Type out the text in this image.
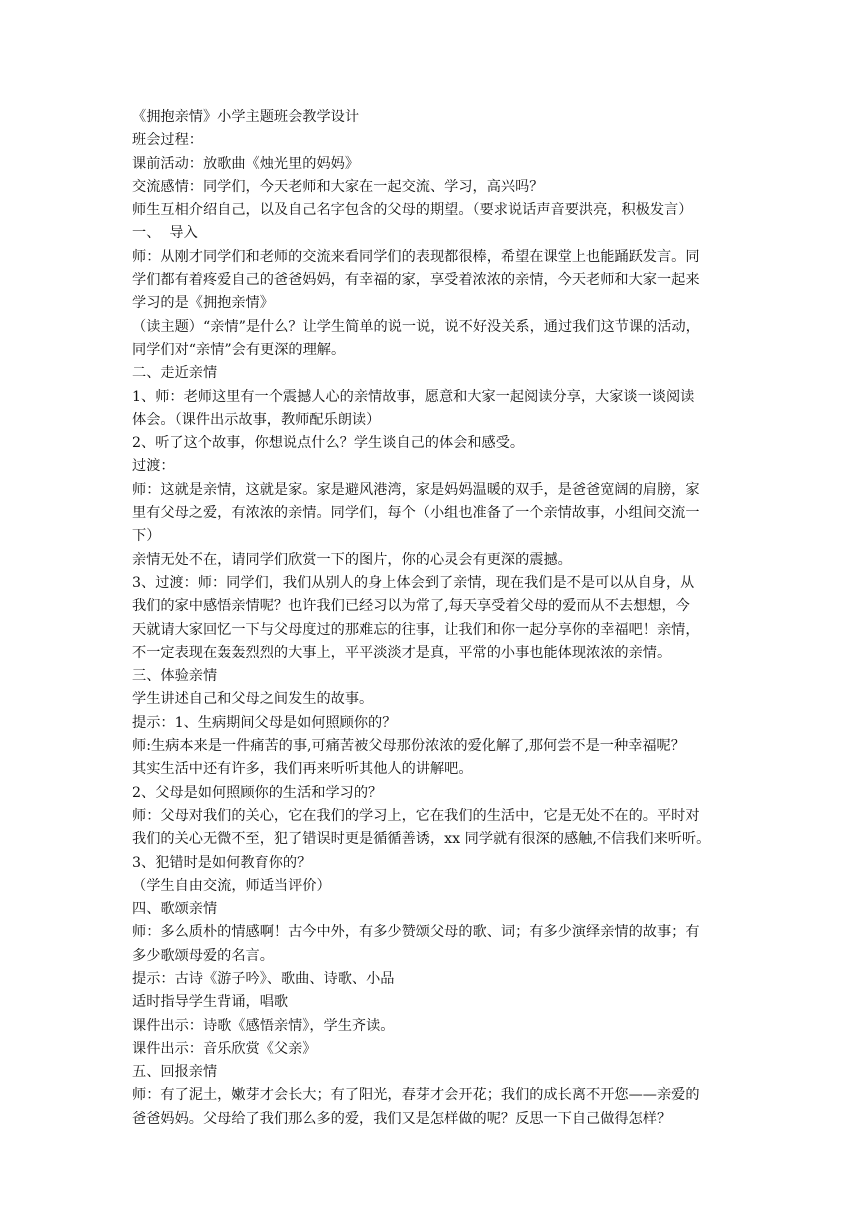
《拥抱亲情》小学主题班会教学设计
班会过程：
课前活动：放歌曲《烛光里的妈妈》
交流感情：同学们，今天老师和大家在一起交流、学习，高兴吗？
师生互相介绍自己，以及自己名字包含的父母的期望。（要求说话声音要洪亮，积极发言）
一、  导入
师：从刚才同学们和老师的交流来看同学们的表现都很棒，希望在课堂上也能踊跃发言。同
学们都有着疼爱自己的爸爸妈妈，有幸福的家，享受着浓浓的亲情，今天老师和大家一起来
学习的是《拥抱亲情》
（读主题）“亲情”是什么？让学生简单的说一说，说不好没关系，通过我们这节课的活动，
同学们对“亲情”会有更深的理解。
二、走近亲情
1、师：老师这里有一个震撼人心的亲情故事，愿意和大家一起阅读分享，大家谈一谈阅读
体会。（课件出示故事，教师配乐朗读）
2、听了这个故事，你想说点什么？学生谈自己的体会和感受。
过渡：
师：这就是亲情，这就是家。家是避风港湾，家是妈妈温暖的双手，是爸爸宽阔的肩膀，家
里有父母之爱，有浓浓的亲情。同学们，每个（小组也准备了一个亲情故事，小组间交流一
下）
亲情无处不在，请同学们欣赏一下的图片，你的心灵会有更深的震撼。
3、过渡：师：同学们，我们从别人的身上体会到了亲情，现在我们是不是可以从自身，从
我们的家中感悟亲情呢？也许我们已经习以为常了,每天享受着父母的爱而从不去想想，今
天就请大家回忆一下与父母度过的那难忘的往事，让我们和你一起分享你的幸福吧！亲情，
不一定表现在轰轰烈烈的大事上，平平淡淡才是真，平常的小事也能体现浓浓的亲情。
三、体验亲情
学生讲述自己和父母之间发生的故事。
提示：1、生病期间父母是如何照顾你的？
师:生病本来是一件痛苦的事,可痛苦被父母那份浓浓的爱化解了,那何尝不是一种幸福呢？
其实生活中还有许多，我们再来听听其他人的讲解吧。
2、父母是如何照顾你的生活和学习的？
师：父母对我们的关心，它在我们的学习上，它在我们的生活中，它是无处不在的。平时对
我们的关心无微不至，犯了错误时更是循循善诱，xx 同学就有很深的感触,不信我们来听听。
3、犯错时是如何教育你的？
（学生自由交流，师适当评价）
四、歌颂亲情
师：多么质朴的情感啊！古今中外，有多少赞颂父母的歌、词；有多少演绎亲情的故事；有
多少歌颂母爱的名言。
提示：古诗《游子吟》、歌曲、诗歌、小品
适时指导学生背诵，唱歌
课件出示：诗歌《感悟亲情》，学生齐读。
课件出示：音乐欣赏《父亲》
五、回报亲情
师：有了泥土，嫩芽才会长大；有了阳光，春芽才会开花；我们的成长离不开您——亲爱的
爸爸妈妈。父母给了我们那么多的爱，我们又是怎样做的呢？反思一下自己做得怎样？
